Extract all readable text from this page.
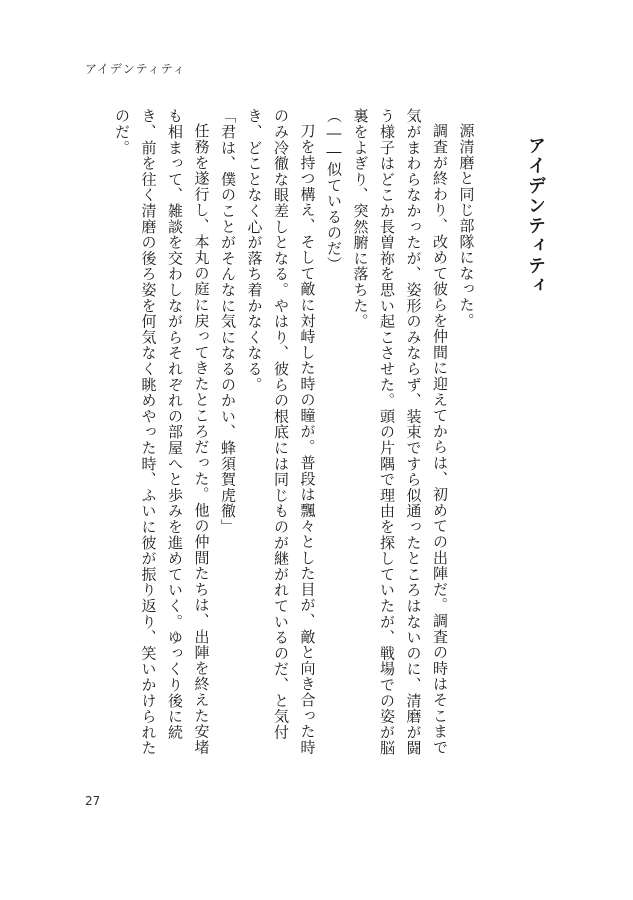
アイデンティティ
アイデンティティ

源清磨と同じ部隊になった。

調査が終わり、改めて彼らを仲間に迎えてからは、初めての出陣だ。調査の時はそこまで気がまわらなかったが、姿形のみならず、装束ですら似通ったところはないのに、清磨が闘う様子はどこか長曽祢を思い起こさせた。頭の片隅で理由を探していたが、戦場での姿が脳裏をよぎり、突然腑に落ちた。

（――似ているのだ）

刀を持つ構え、そして敵に対峙した時の瞳が。普段は飄々とした目が、敵と向き合った時のみ冷徹な眼差しとなる。やはり、彼らの根底には同じものが継がれているのだ、と気付き、どことなく心が落ち着かなくなる。

「君は、僕のことがそんなに気になるのかい、蜂須賀虎徹」

任務を遂行し、本丸の庭に戻ってきたところだった。他の仲間たちは、出陣を終えた安堵も相まって、雑談を交わしながらそれぞれの部屋へと歩みを進めていく。ゆっくり後に続き、前を往く清磨の後ろ姿を何気なく眺めやった時、ふいに彼が振り返り、笑いかけられたのだ。

27
